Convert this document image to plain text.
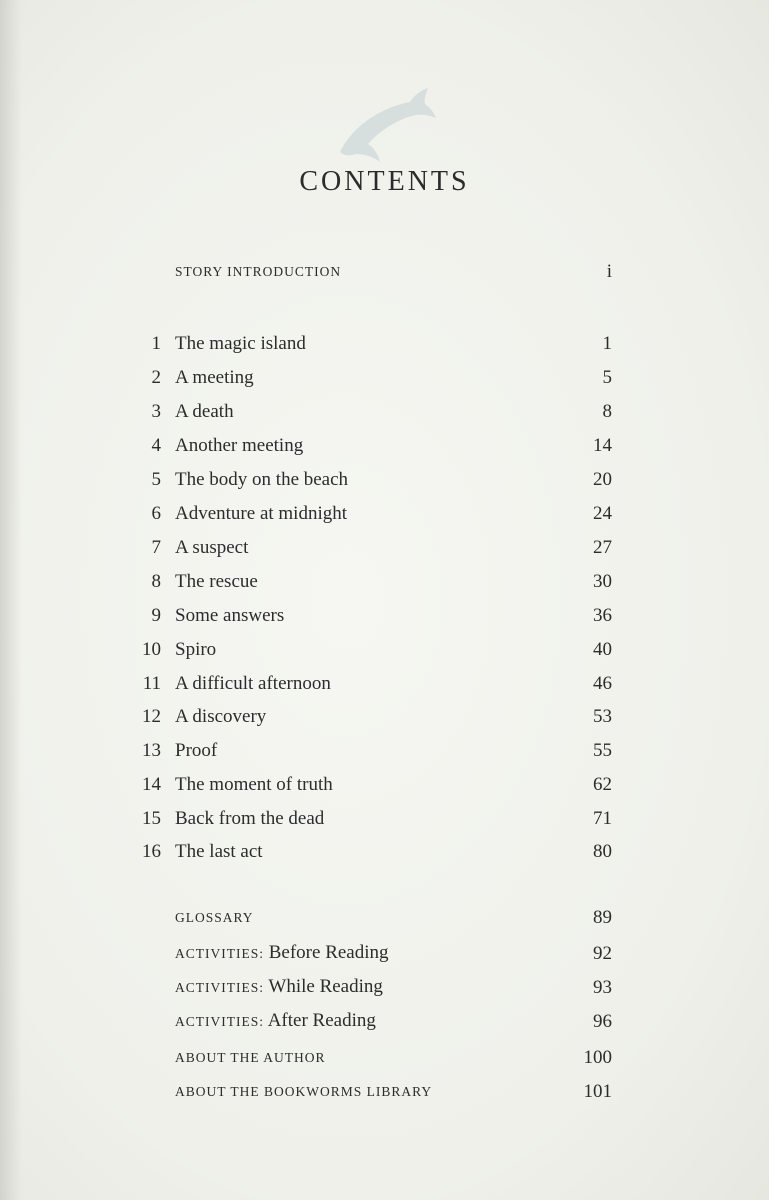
CONTENTS
STORY INTRODUCTION	i
1 The magic island	1
2 A meeting	5
3 A death	8
4 Another meeting	14
5 The body on the beach	20
6 Adventure at midnight	24
7 A suspect	27
8 The rescue	30
9 Some answers	36
10 Spiro	40
11 A difficult afternoon	46
12 A discovery	53
13 Proof	55
14 The moment of truth	62
15 Back from the dead	71
16 The last act	80
GLOSSARY	89
ACTIVITIES: Before Reading	92
ACTIVITIES: While Reading	93
ACTIVITIES: After Reading	96
ABOUT THE AUTHOR	100
ABOUT THE BOOKWORMS LIBRARY	101
